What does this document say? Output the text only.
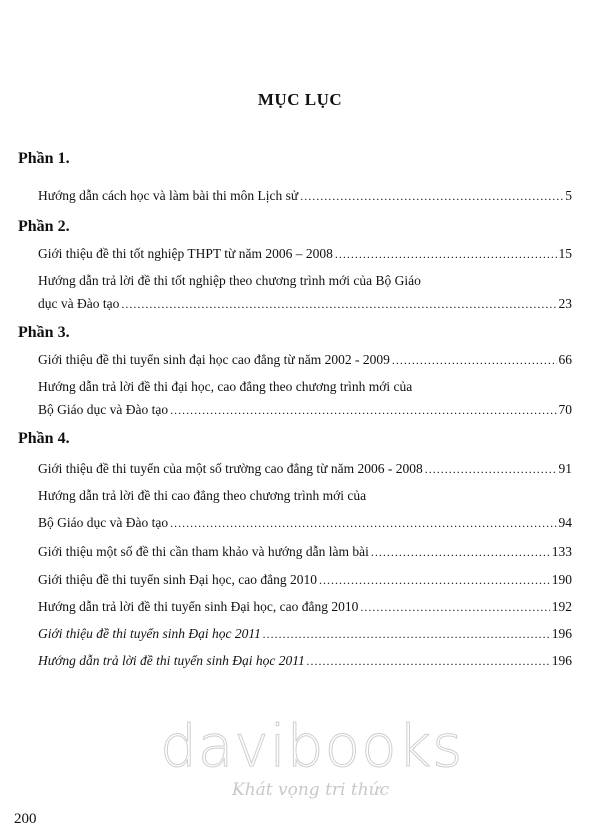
MỤC LỤC
Phần 1.
Hướng dẫn cách học và làm bài thi môn Lịch sử .....	5
Phần 2.
Giới thiệu đề thi tốt nghiệp THPT từ năm 2006 – 2008 .....	15
Hướng dẫn trả lời đề thi tốt nghiệp theo chương trình mới của Bộ Giáo
dục và Đào tạo .....	23
Phần 3.
Giới thiệu đề thi tuyển sinh đại học cao đẳng từ năm 2002 - 2009 .....	66
Hướng dẫn trả lời đề thi đại học, cao đẳng theo chương trình mới của
Bộ Giáo dục và Đào tạo .....	70
Phần 4.
Giới thiệu đề thi tuyển của một số trường cao đẳng từ năm 2006 - 2008 .....	91
Hướng dẫn trả lời đề thi cao đẳng theo chương trình mới của
Bộ Giáo dục và Đào tạo .....	94
Giới thiệu một số đề thi cần tham khảo và hướng dẫn làm bài .....	133
Giới thiệu đề thi tuyển sinh Đại học, cao đẳng 2010 .....	190
Hướng dẫn trả lời đề thi tuyển sinh Đại học, cao đẳng 2010 .....	192
Giới thiệu đề thi tuyển sinh Đại học 2011 .....	196
Hướng dẫn trả lời đề thi tuyển sinh Đại học 2011 .....	196
davibooks
Khát vọng tri thức
200
